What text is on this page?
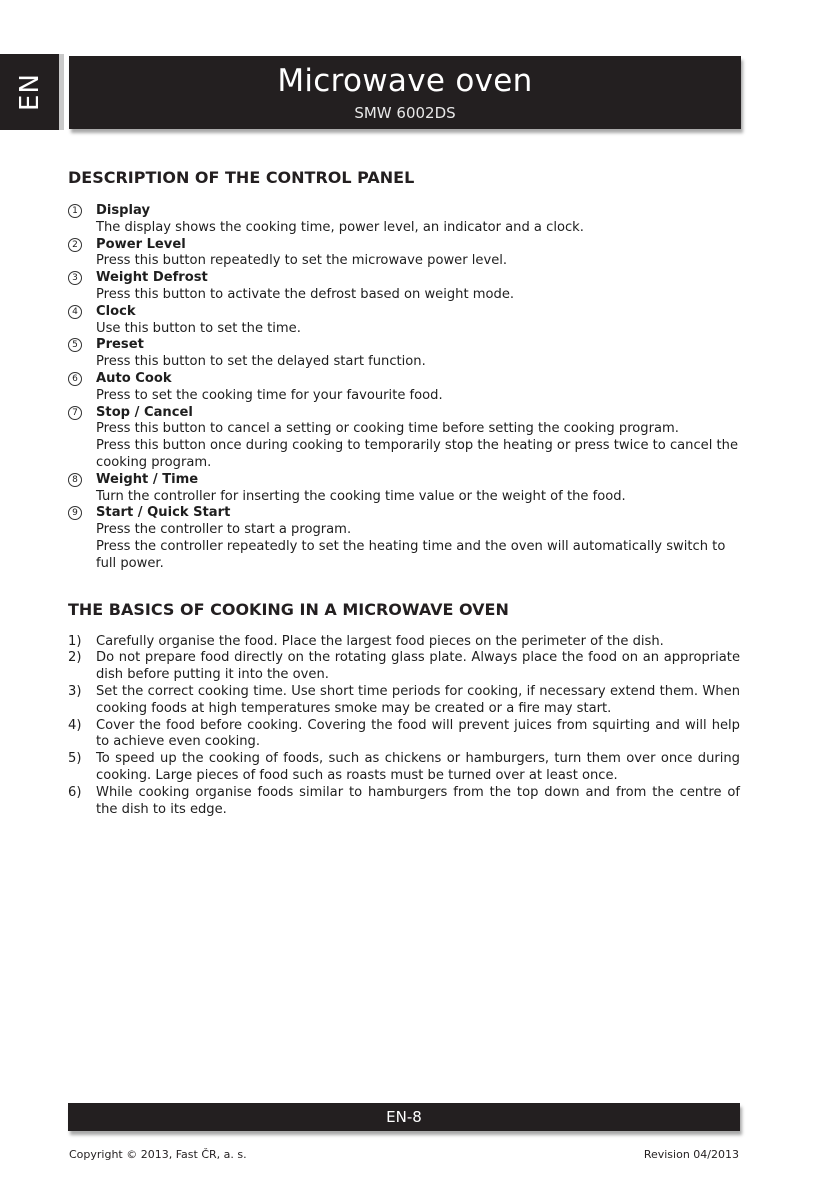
EN	Microwave oven
SMW 6002DS
DESCRIPTION OF THE CONTROL PANEL
1	Display
The display shows the cooking time, power level, an indicator and a clock.
2	Power Level
Press this button repeatedly to set the microwave power level.
3	Weight Defrost
Press this button to activate the defrost based on weight mode.
4	Clock
Use this button to set the time.
5	Preset
Press this button to set the delayed start function.
6	Auto Cook
Press to set the cooking time for your favourite food.
7	Stop / Cancel
Press this button to cancel a setting or cooking time before setting the cooking program.
Press this button once during cooking to temporarily stop the heating or press twice to cancel the cooking program.
8	Weight / Time
Turn the controller for inserting the cooking time value or the weight of the food.
9	Start / Quick Start
Press the controller to start a program.
Press the controller repeatedly to set the heating time and the oven will automatically switch to full power.
THE BASICS OF COOKING IN A MICROWAVE OVEN
1) Carefully organise the food. Place the largest food pieces on the perimeter of the dish.
2) Do not prepare food directly on the rotating glass plate. Always place the food on an appropriate dish before putting it into the oven.
3) Set the correct cooking time. Use short time periods for cooking, if necessary extend them. When cooking foods at high temperatures smoke may be created or a fire may start.
4) Cover the food before cooking. Covering the food will prevent juices from squirting and will help to achieve even cooking.
5) To speed up the cooking of foods, such as chickens or hamburgers, turn them over once during cooking. Large pieces of food such as roasts must be turned over at least once.
6) While cooking organise foods similar to hamburgers from the top down and from the centre of the dish to its edge.
EN-8
Copyright © 2013, Fast ČR, a. s.	Revision 04/2013
